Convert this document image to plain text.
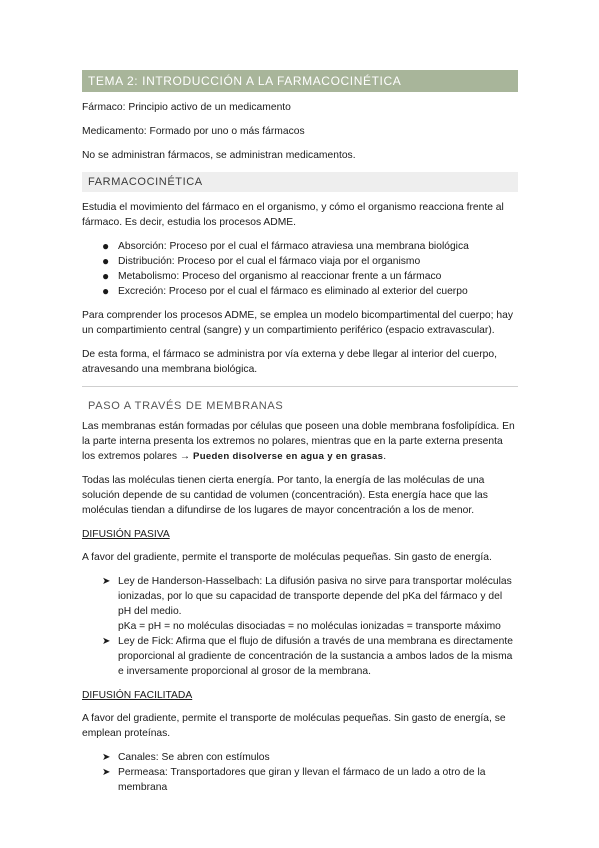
TEMA 2: INTRODUCCIÓN A LA FARMACOCINÉTICA

Fármaco: Principio activo de un medicamento

Medicamento: Formado por uno o más fármacos

No se administran fármacos, se administran medicamentos.

FARMACOCINÉTICA

Estudia el movimiento del fármaco en el organismo, y cómo el organismo reacciona frente al fármaco. Es decir, estudia los procesos ADME.

● Absorción: Proceso por el cual el fármaco atraviesa una membrana biológica
● Distribución: Proceso por el cual el fármaco viaja por el organismo
● Metabolismo: Proceso del organismo al reaccionar frente a un fármaco
● Excreción: Proceso por el cual el fármaco es eliminado al exterior del cuerpo

Para comprender los procesos ADME, se emplea un modelo bicompartimental del cuerpo; hay un compartimiento central (sangre) y un compartimiento periférico (espacio extravascular).

De esta forma, el fármaco se administra por vía externa y debe llegar al interior del cuerpo, atravesando una membrana biológica.

PASO A TRAVÉS DE MEMBRANAS

Las membranas están formadas por células que poseen una doble membrana fosfolipídica. En la parte interna presenta los extremos no polares, mientras que en la parte externa presenta los extremos polares → Pueden disolverse en agua y en grasas.

Todas las moléculas tienen cierta energía. Por tanto, la energía de las moléculas de una solución depende de su cantidad de volumen (concentración). Esta energía hace que las moléculas tiendan a difundirse de los lugares de mayor concentración a los de menor.

DIFUSIÓN PASIVA

A favor del gradiente, permite el transporte de moléculas pequeñas. Sin gasto de energía.

➤ Ley de Handerson-Hasselbach: La difusión pasiva no sirve para transportar moléculas ionizadas, por lo que su capacidad de transporte depende del pKa del fármaco y del pH del medio.
pKa = pH = no moléculas disociadas = no moléculas ionizadas = transporte máximo
➤ Ley de Fick: Afirma que el flujo de difusión a través de una membrana es directamente proporcional al gradiente de concentración de la sustancia a ambos lados de la misma e inversamente proporcional al grosor de la membrana.
DIFUSIÓN FACILITADA

A favor del gradiente, permite el transporte de moléculas pequeñas. Sin gasto de energía, se emplean proteínas.

➤ Canales: Se abren con estímulos
➤ Permeasa: Transportadores que giran y llevan el fármaco de un lado a otro de la membrana
